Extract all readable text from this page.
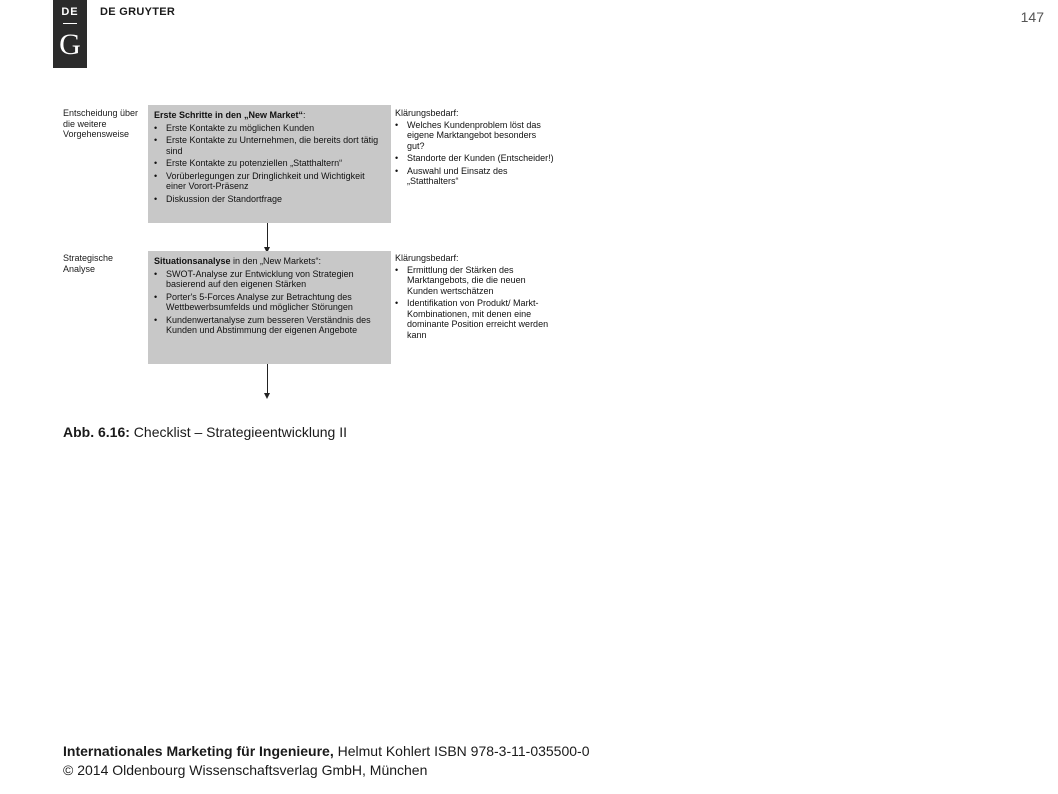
DE
G
DE GRUYTER	147
Entscheidung über die weitere Vorgehensweise
Erste Schritte in den „New Market“:
• Erste Kontakte zu möglichen Kunden
• Erste Kontakte zu Unternehmen, die bereits dort tätig sind
• Erste Kontakte zu potenziellen „Statthaltern“
• Vorüberlegungen zur Dringlichkeit und Wichtigkeit einer Vorort-Präsenz
• Diskussion der Standortfrage
Klärungsbedarf:
• Welches Kundenproblem löst das eigene Marktangebot besonders gut?
• Standorte der Kunden (Entscheider!)
• Auswahl und Einsatz des „Statthalters“
Strategische Analyse
Situationsanalyse in den „New Markets“:
• SWOT-Analyse zur Entwicklung von Strategien basierend auf den eigenen Stärken
• Porter's 5-Forces Analyse zur Betrachtung des Wettbewerbsumfelds und möglicher Störungen
• Kundenwertanalyse zum besseren Verständnis des Kunden und Abstimmung der eigenen Angebote
Klärungsbedarf:
• Ermittlung der Stärken des Marktangebots, die die neuen Kunden wertschätzen
• Identifikation von Produkt/ Markt-Kombinationen, mit denen eine dominante Position erreicht werden kann
Abb. 6.16: Checklist – Strategieentwicklung II
Internationales Marketing für Ingenieure, Helmut Kohlert ISBN 978-3-11-035500-0
© 2014 Oldenbourg Wissenschaftsverlag GmbH, München
